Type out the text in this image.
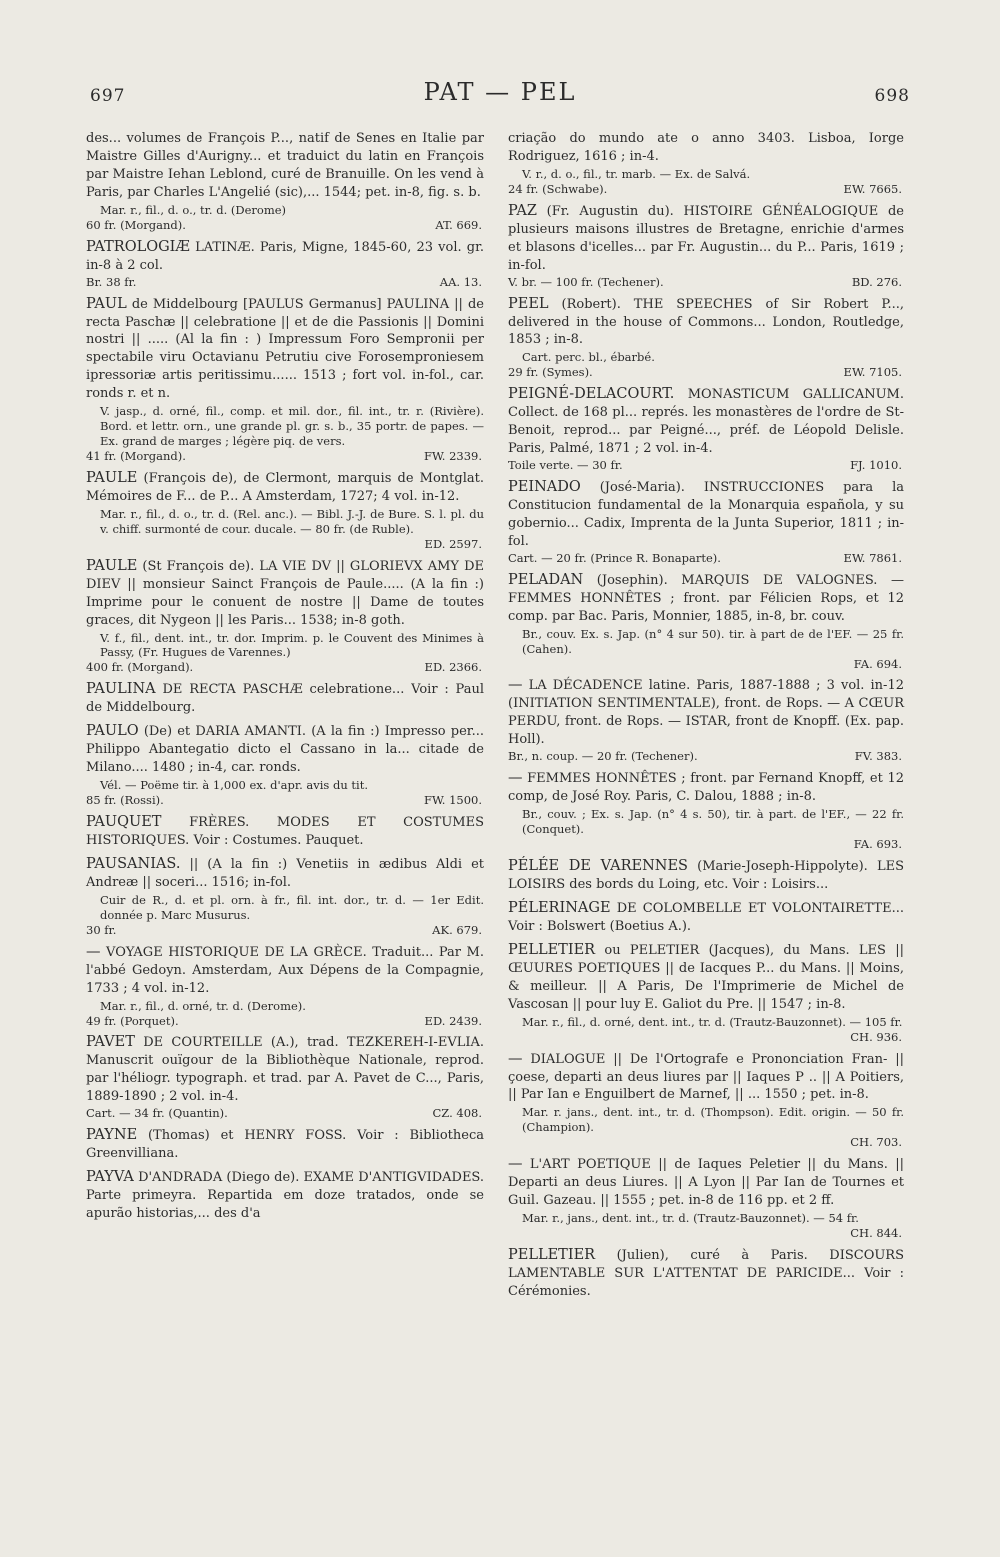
697	PAT — PEL	698
des... volumes de François P..., natif de Senes en Italie par Maistre Gilles d'Aurigny... et traduict du latin en François par Maistre Iehan Leblond, curé de Branuille. On les vend à Paris, par Charles L'Angelié (sic),... 1544; pet. in-8, fig. s. b.
Mar. r., fil., d. o., tr. d. (Derome)
60 fr. (Morgand).	AT. 669.
PATROLOGIÆ LATINÆ. Paris, Migne, 1845-60, 23 vol. gr. in-8 à 2 col.
Br. 38 fr.	AA. 13.
PAUL de Middelbourg [PAULUS Germanus] PAULINA || de recta Paschæ || celebratione || et de die Passionis || Domini nostri || ..... (Al la fin : ) Impressum Foro Sempronii per spectabile viru Octavianu Petrutiu cive Forosemproniesem ipressoriæ artis peritissimu...... 1513 ; fort vol. in-fol., car. ronds r. et n.
V. jasp., d. orné, fil., comp. et mil. dor., fil. int., tr. r. (Rivière). Bord. et lettr. orn., une grande pl. gr. s. b., 35 portr. de papes. — Ex. grand de marges ; légère piq. de vers.
41 fr. (Morgand).	FW. 2339.
PAULE (François de), de Clermont, marquis de Montglat. Mémoires de F... de P... A Amsterdam, 1727; 4 vol. in-12.
Mar. r., fil., d. o., tr. d. (Rel. anc.). — Bibl. J.-J. de Bure. S. l. pl. du v. chiff. surmonté de cour. ducale. — 80 fr. (de Ruble).
ED. 2597.
PAULE (St François de). LA VIE DV || GLORIEVX AMY DE DIEV || monsieur Sainct François de Paule..... (A la fin :) Imprime pour le conuent de nostre || Dame de toutes graces, dit Nygeon || les Paris... 1538; in-8 goth.
V. f., fil., dent. int., tr. dor. Imprim. p. le Couvent des Minimes à Passy, (Fr. Hugues de Varennes.)
400 fr. (Morgand).	ED. 2366.
PAULINA DE RECTA PASCHÆ celebratione... Voir : Paul de Middelbourg.
PAULO (De) et DARIA AMANTI. (A la fin :) Impresso per... Philippo Abantegatio dicto el Cassano in la... citade de Milano.... 1480 ; in-4, car. ronds.
Vél. — Poëme tir. à 1,000 ex. d'apr. avis du tit.
85 fr. (Rossi).	FW. 1500.
PAUQUET FRÈRES. MODES ET COSTUMES HISTORIQUES. Voir : Costumes. Pauquet.
PAUSANIAS. || (A la fin :) Venetiis in ædibus Aldi et Andreæ || soceri... 1516; in-fol.
Cuir de R., d. et pl. orn. à fr., fil. int. dor., tr. d. — 1er Edit. donnée p. Marc Musurus.
30 fr.	AK. 679.
— VOYAGE HISTORIQUE DE LA GRÈCE. Traduit... Par M. l'abbé Gedoyn. Amsterdam, Aux Dépens de la Compagnie, 1733 ; 4 vol. in-12.
Mar. r., fil., d. orné, tr. d. (Derome).
49 fr. (Porquet).	ED. 2439.
PAVET DE COURTEILLE (A.), trad. TEZKEREH-I-EVLIA. Manuscrit ouïgour de la Bibliothèque Nationale, reprod. par l'héliogr. typograph. et trad. par A. Pavet de C..., Paris, 1889-1890 ; 2 vol. in-4.
Cart. — 34 fr. (Quantin).	CZ. 408.
PAYNE (Thomas) et HENRY FOSS. Voir : Bibliotheca Greenvilliana.
PAYVA D'ANDRADA (Diego de). EXAME D'ANTIGVIDADES. Parte primeyra. Repartida em doze tratados, onde se apurão historias,... des d'a
criação do mundo ate o anno 3403. Lisboa, Iorge Rodriguez, 1616 ; in-4.
V. r., d. o., fil., tr. marb. — Ex. de Salvá.
24 fr. (Schwabe).	EW. 7665.
PAZ (Fr. Augustin du). HISTOIRE GÉNÉALOGIQUE de plusieurs maisons illustres de Bretagne, enrichie d'armes et blasons d'icelles... par Fr. Augustin... du P... Paris, 1619 ; in-fol.
V. br. — 100 fr. (Techener).	BD. 276.
PEEL (Robert). THE SPEECHES of Sir Robert P..., delivered in the house of Commons... London, Routledge, 1853 ; in-8.
Cart. perc. bl., ébarbé.
29 fr. (Symes).	EW. 7105.
PEIGNÉ-DELACOURT. MONASTICUM GALLICANUM. Collect. de 168 pl... représ. les monastères de l'ordre de St-Benoit, reprod... par Peigné..., préf. de Léopold Delisle. Paris, Palmé, 1871 ; 2 vol. in-4.
Toile verte. — 30 fr.	FJ. 1010.
PEINADO (José-Maria). INSTRUCCIONES para la Constitucion fundamental de la Monarquia española, y su gobernio... Cadix, Imprenta de la Junta Superior, 1811 ; in-fol.
Cart. — 20 fr. (Prince R. Bonaparte).	EW. 7861.
PELADAN (Josephin). MARQUIS DE VALOGNES. — FEMMES HONNÊTES ; front. par Félicien Rops, et 12 comp. par Bac. Paris, Monnier, 1885, in-8, br. couv.
Br., couv. Ex. s. Jap. (n° 4 sur 50). tir. à part de de l'EF. — 25 fr. (Cahen).
FA. 694.
— LA DÉCADENCE latine. Paris, 1887-1888 ; 3 vol. in-12 (INITIATION SENTIMENTALE), front. de Rops. — A CŒUR PERDU, front. de Rops. — ISTAR, front de Knopff. (Ex. pap. Holl).
Br., n. coup. — 20 fr. (Techener).	FV. 383.
— FEMMES HONNÊTES ; front. par Fernand Knopff, et 12 comp, de José Roy. Paris, C. Dalou, 1888 ; in-8.
Br., couv. ; Ex. s. Jap. (n° 4 s. 50), tir. à part. de l'EF., — 22 fr. (Conquet).
FA. 693.
PÉLÉE DE VARENNES (Marie-Joseph-Hippolyte). LES LOISIRS des bords du Loing, etc. Voir : Loisirs...
PÉLERINAGE DE COLOMBELLE ET VOLONTAIRETTE... Voir : Bolswert (Boetius A.).
PELLETIER ou PELETIER (Jacques), du Mans. LES || ŒUURES POETIQUES || de Iacques P... du Mans. || Moins, & meilleur. || A Paris, De l'Imprimerie de Michel de Vascosan || pour luy E. Galiot du Pre. || 1547 ; in-8.
Mar. r., fil., d. orné, dent. int., tr. d. (Trautz-Bauzonnet). — 105 fr.
CH. 936.
— DIALOGUE || De l'Ortografe e Prononciation Fran- || çoese, departi an deus liures par || Iaques P .. || A Poitiers, || Par Ian e Enguilbert de Marnef, || ... 1550 ; pet. in-8.
Mar. r. jans., dent. int., tr. d. (Thompson). Edit. origin. — 50 fr. (Champion).
CH. 703.
— L'ART POETIQUE || de Iaques Peletier || du Mans. || Departi an deus Liures. || A Lyon || Par Ian de Tournes et Guil. Gazeau. || 1555 ; pet. in-8 de 116 pp. et 2 ff.
Mar. r., jans., dent. int., tr. d. (Trautz-Bauzonnet). — 54 fr.
CH. 844.
PELLETIER (Julien), curé à Paris. DISCOURS LAMENTABLE SUR L'ATTENTAT DE PARICIDE... Voir : Cérémonies.
